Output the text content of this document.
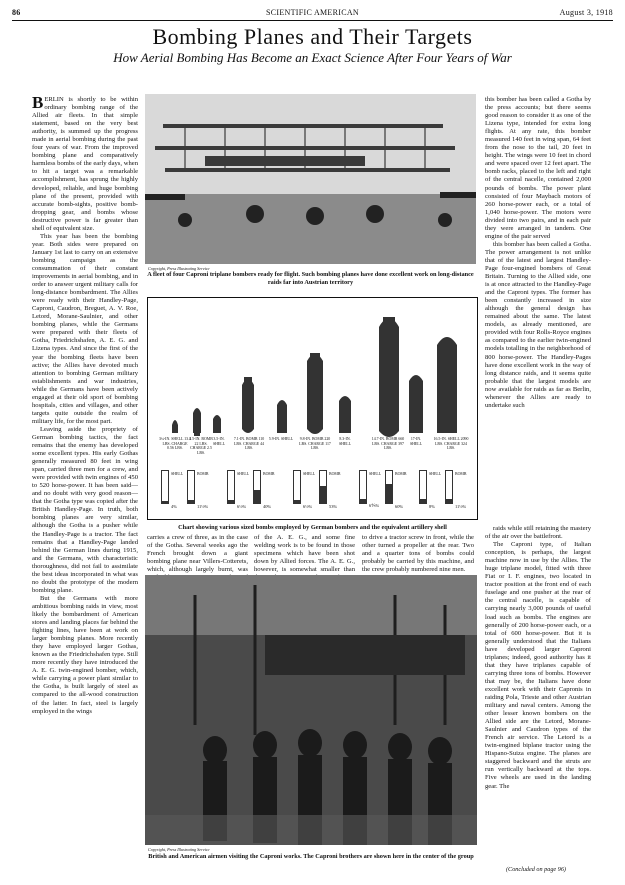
86	SCIENTIFIC AMERICAN	August 3, 1918
Bombing Planes and Their Targets
How Aerial Bombing Has Become an Exact Science After Four Years of War

BERLIN is shortly to be within ordinary bombing range of the Allied air fleets. In that simple statement, based on the very best authority, is summed up the progress made in aerial bombing during the past four years of war. From the improved bombing plane and comparatively harmless bombs of the early days, when to hit a target was a remarkable accomplishment, has sprung the highly developed, reliable, and huge bombing plane of the present, provided with accurate bomb-sights, positive bomb-dropping gear, and bombs whose destructive power is far greater than shell of equivalent size.

This year has been the bombing year. Both sides were prepared on January 1st last to carry on an extensive bombing campaign as the consummation of their constant improvements in aerial bombing, and in order to answer urgent military calls for long-distance bombardment. The Allies were ready with their Handley-Page, Caproni, Caudron, Breguet, A. V. Roe, Letord, Morane-Saulnier, and other bombing planes, while the Germans were prepared with their fleets of Gotha, Friedrichshafen, A. E. G. and Lizena types. And since the first of the year the bombing fleets have been active; the Allies have devoted much attention to bombing German military establishments and war industries, while the Germans have been actively engaged at their old sport of bombing hospitals, cities and villages, and other targets quite outside the realm of military life, for the most part.

Leaving aside the propriety of German bombing tactics, the fact remains that the enemy has developed some excellent types. His early Gothas generally measured 80 feet in wing span, carried three men for a crew, and were provided with twin engines of 450 to 520 horse-power. It has been said—and no doubt with very good reason—that the Gotha type was copied after the British Handley-Page. In truth, both bombing planes are very similar, although the Gotha is a pusher while the Handley-Page is a tractor. The fact remains that a Handley-Page landed behind the German lines during 1915, and the Germans, with characteristic thoroughness, did not fail to assimilate the best ideas incorporated in what was no doubt the prototype of the modern bombing plane.

But the Germans with more ambitious bombing raids in view, most likely the bombardment of American stores and landing places far behind the fighting lines, have been at work on larger bombing planes. More recently they have employed larger Gothas, known as the Friedrichshafen type. Still more recently they have introduced the A. E. G. twin-engined bomber, which, while carrying a power plant similar to the Gotha, is built largely of steel as compared to the all-wood construction of the latter. In fact, steel is largely employed in the wings

Copyright, Press Illustrating Service
A fleet of four Caproni triplane bombers ready for flight. Such bombing planes have done excellent work on long-distance raids far into Austrian territory

this bomber has been called a Gotha by the press accounts; but there seems good reason to consider it as one of the Lizena type, intended for extra long flights. At any rate, this bomber measured 140 feet in wing span, 64 feet from the nose to the tail, 20 feet in height. The wings were 10 feet in chord and were spaced over 12 feet apart. The bomb racks, placed to the left and right of the central nacelle, contained 2,000 pounds of bombs. The power plant consisted of four Maybach motors of 260 horse-power each, or a total of 1,040 horse-power. The motors were divided into two pairs, and in each pair they were arranged in tandem. One engine of the pair served

this bomber has been called a Gotha. The power arrangement is not unlike that of the latest and largest Handley-Page four-engined bombers of Great Britain. Turning to the Allied side, one is at once attracted to the Handley-Page and the Caproni types. The former has been constantly increased in size although the general design has remained about the same. The latest models, as already mentioned, are provided with four Rolls-Royce engines as compared to the earlier twin-engined models totalling in the neighborhood of 800 horse-power. The Handley-Pages have done excellent work in the way of long distance raids, and it seems quite probable that the largest models are now available for raids as far as Berlin, whenever the Allies are ready to undertake such

3¼-IN. SHELL 13.4 LBS. CHARGE 0.56 LBS.
3.5-IN. BOMB 22 LBS. CHARGE 2.5 LBS.
3.5-IN. SHELL
7.1-IN. BOMB 110 LBS. CHARGE 44 LBS.
5.9-IN. SHELL	9.8-IN. BOMB 220 LBS. CHARGE 117 LBS.
8.3-IN. SHELL
14.7-IN. BOMB 660 LBS. CHARGE 397 LBS.
17-IN. SHELL
16.5-IN. SHELL 2090 LBS. CHARGE 324 LBS.
SHELL	BOMB
4%	11½%
SHELL	BOMB
6½%	40%
SHELL	BOMB
6½%	53%
SHELL	BOMB
6⅘%	60%
SHELL	BOMB
8%	11½%
Chart showing various sized bombs employed by German bombers and the equivalent artillery shell
carries a crew of three, as in the case of the Gotha. Several weeks ago the French brought down a giant bombing plane near Villers-Cotterets, which, although largely burnt, was
of the A. E. G., and some fine welding work is to be found in those specimens which have been shot down by Allied forces. The A. E. G., however, is somewhat smaller than
to drive a tractor screw in front, while the other turned a propeller at the rear. Two and a quarter tons of bombs could probably be carried by this machine, and the crew probably numbered nine men.

raids while still retaining the mastery of the air over the battlefront.

The Caproni type, of Italian conception, is perhaps, the largest machine now in use by the Allies. The huge triplane model, fitted with three Fiat or I. F. engines, two located in tractor position at the front end of each fuselage and one pusher at the rear of the central nacelle, is capable of carrying nearly 3,000 pounds of useful load such as bombs. The engines are generally of 200 horse-power each, or a total of 600 horse-power. But it is generally understood that the Italians have developed larger Caproni triplanes; indeed, good authority has it that they have triplanes capable of carrying three tons of bombs. However that may be, the Italians have done excellent work with their Capronis in raiding Pola, Trieste and other Austrian military and naval centers. Among the other lesser known bombers on the Allied side are the Letord, Morane-Saulnier and Caudron types of the French air service. The Letord is a twin-engined biplane tractor using the Hispano-Suiza engine. The planes are staggered backward and the struts are run vertically backward at the tops. Five wheels are used in the landing gear. The

Copyright, Press Illustrating Service
British and American airmen visiting the Caproni works. The Caproni brothers are shown here in the center of the group
(Concluded on page 96)
